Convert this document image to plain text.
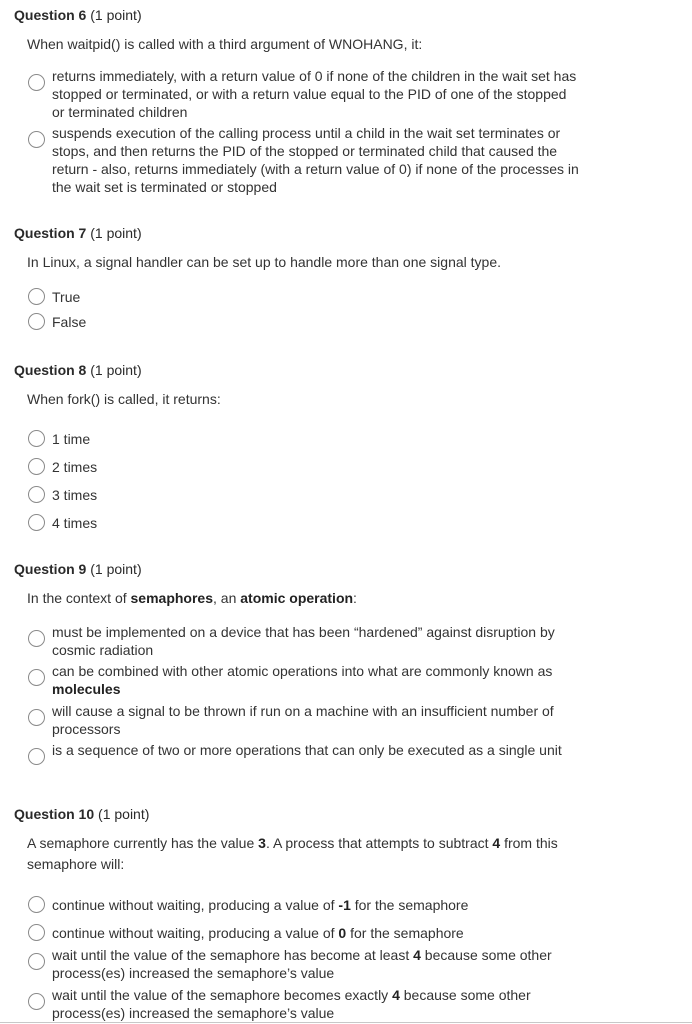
Question 6 (1 point)
When waitpid() is called with a third argument of WNOHANG, it:
returns immediately, with a return value of 0 if none of the children in the wait set has stopped or terminated, or with a return value equal to the PID of one of the stopped or terminated children
suspends execution of the calling process until a child in the wait set terminates or stops, and then returns the PID of the stopped or terminated child that caused the return - also, returns immediately (with a return value of 0) if none of the processes in the wait set is terminated or stopped
Question 7 (1 point)
In Linux, a signal handler can be set up to handle more than one signal type.
True
False
Question 8 (1 point)
When fork() is called, it returns:
1 time
2 times
3 times
4 times
Question 9 (1 point)
In the context of semaphores, an atomic operation:
must be implemented on a device that has been “hardened” against disruption by cosmic radiation
can be combined with other atomic operations into what are commonly known as molecules
will cause a signal to be thrown if run on a machine with an insufficient number of processors
is a sequence of two or more operations that can only be executed as a single unit
Question 10 (1 point)
A semaphore currently has the value 3. A process that attempts to subtract 4 from this semaphore will:
continue without waiting, producing a value of -1 for the semaphore
continue without waiting, producing a value of 0 for the semaphore
wait until the value of the semaphore has become at least 4 because some other process(es) increased the semaphore’s value
wait until the value of the semaphore becomes exactly 4 because some other process(es) increased the semaphore’s value
